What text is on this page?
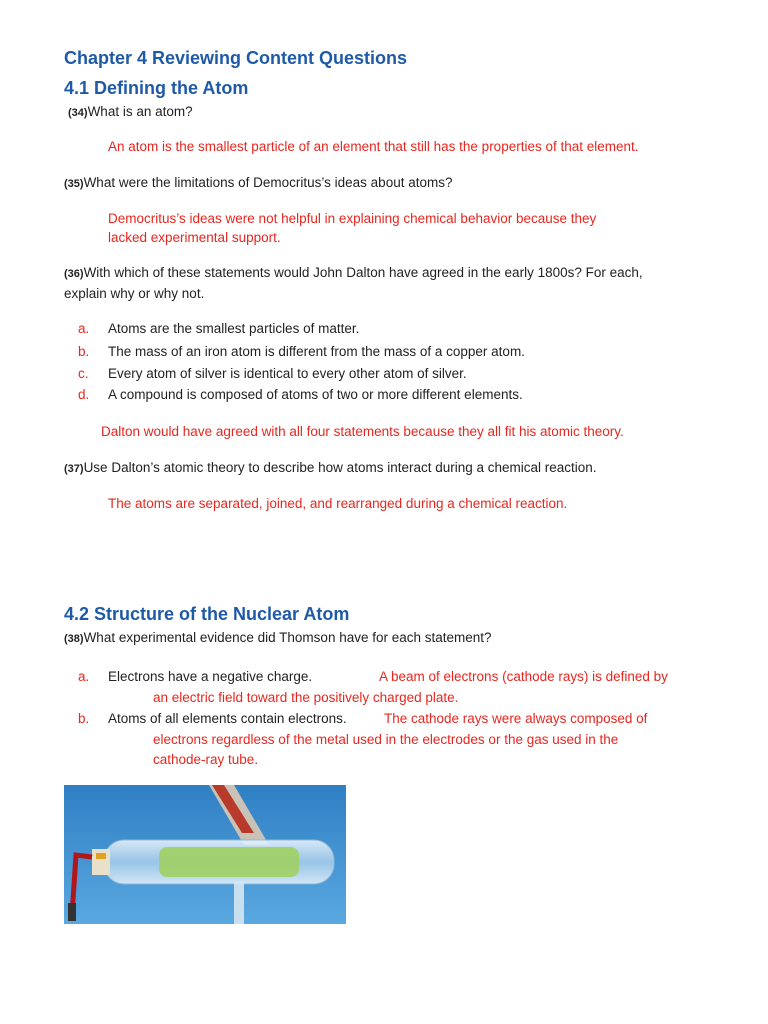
Chapter 4 Reviewing Content Questions
4.1 Defining the Atom
(34)What is an atom?
An atom is the smallest particle of an element that still has the properties of that element.
(35)What were the limitations of Democritus’s ideas about atoms?
Democritus’s ideas were not helpful in explaining chemical behavior because they
lacked experimental support.
(36)With which of these statements would John Dalton have agreed in the early 1800s? For each,
explain why or why not.
a. Atoms are the smallest particles of matter.
b. The mass of an iron atom is different from the mass of a copper atom.
c. Every atom of silver is identical to every other atom of silver.
d. A compound is composed of atoms of two or more different elements.
Dalton would have agreed with all four statements because they all fit his atomic theory.
(37)Use Dalton’s atomic theory to describe how atoms interact during a chemical reaction.
The atoms are separated, joined, and rearranged during a chemical reaction.
4.2 Structure of the Nuclear Atom
(38)What experimental evidence did Thomson have for each statement?
a. Electrons have a negative charge.	A beam of electrons (cathode rays) is defined by
an electric field toward the positively charged plate.
b. Atoms of all elements contain electrons.	The cathode rays were always composed of
electrons regardless of the metal used in the electrodes or the gas used in the
cathode-ray tube.
